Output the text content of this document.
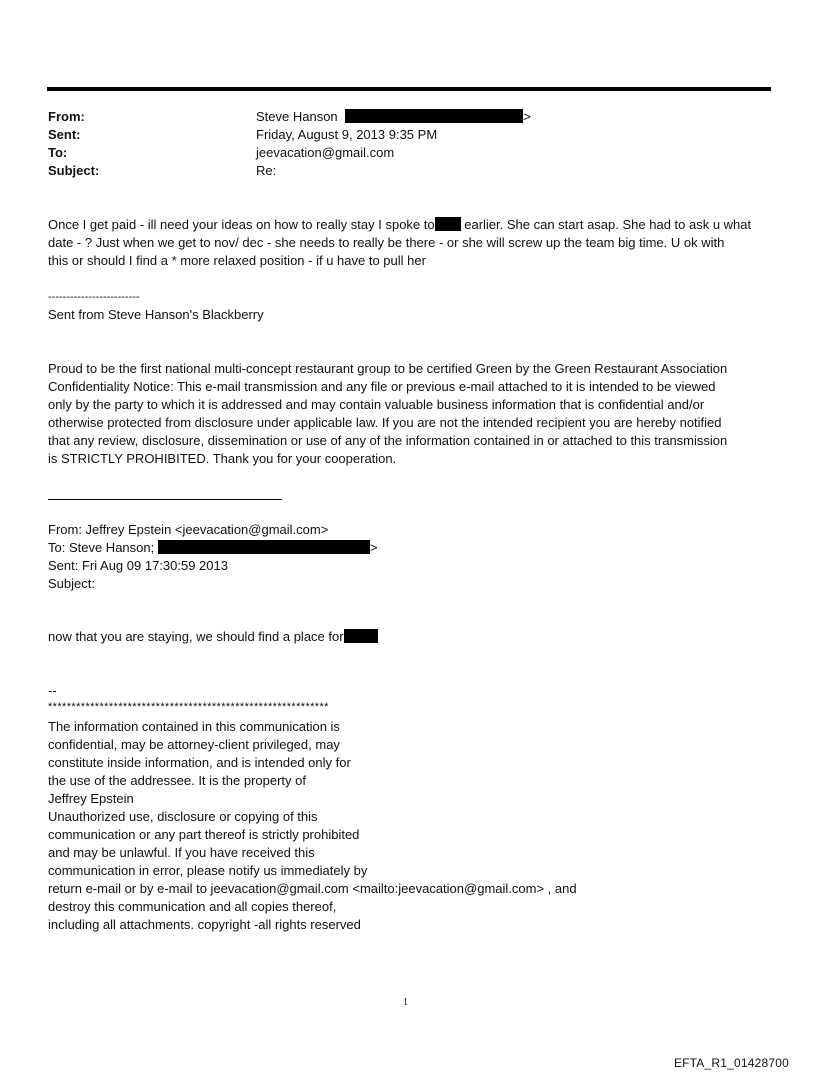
From:	Steve Hanson	>
Sent:	Friday, August 9, 2013 9:35 PM
To:	jeevacation@gmail.com
Subject:	Re:
Once I get paid - ill need your ideas on how to really stay I spoke to earlier. She can start asap. She had to ask u what
date - ? Just when we get to nov/ dec - she needs to really be there - or she will screw up the team big time. U ok with
this or should I find a * more relaxed position - if u have to pull her
-------------------------
Sent from Steve Hanson's Blackberry
Proud to be the first national multi-concept restaurant group to be certified Green by the Green Restaurant Association
Confidentiality Notice: This e-mail transmission and any file or previous e-mail attached to it is intended to be viewed
only by the party to which it is addressed and may contain valuable business information that is confidential and/or
otherwise protected from disclosure under applicable law. If you are not the intended recipient you are hereby notified
that any review, disclosure, dissemination or use of any of the information contained in or attached to this transmission
is STRICTLY PROHIBITED. Thank you for your cooperation.
From: Jeffrey Epstein <jeevacation@gmail.com>
To: Steve Hanson;	>
Sent: Fri Aug 09 17:30:59 2013
Subject:
now that you are staying, we should find a place for
--
************************************************************
The information contained in this communication is
confidential, may be attorney-client privileged, may
constitute inside information, and is intended only for
the use of the addressee. It is the property of
Jeffrey Epstein
Unauthorized use, disclosure or copying of this
communication or any part thereof is strictly prohibited
and may be unlawful. If you have received this
communication in error, please notify us immediately by
return e-mail or by e-mail to jeevacation@gmail.com <mailto:jeevacation@gmail.com> , and
destroy this communication and all copies thereof,
including all attachments. copyright -all rights reserved
1
EFTA_R1_01428700
